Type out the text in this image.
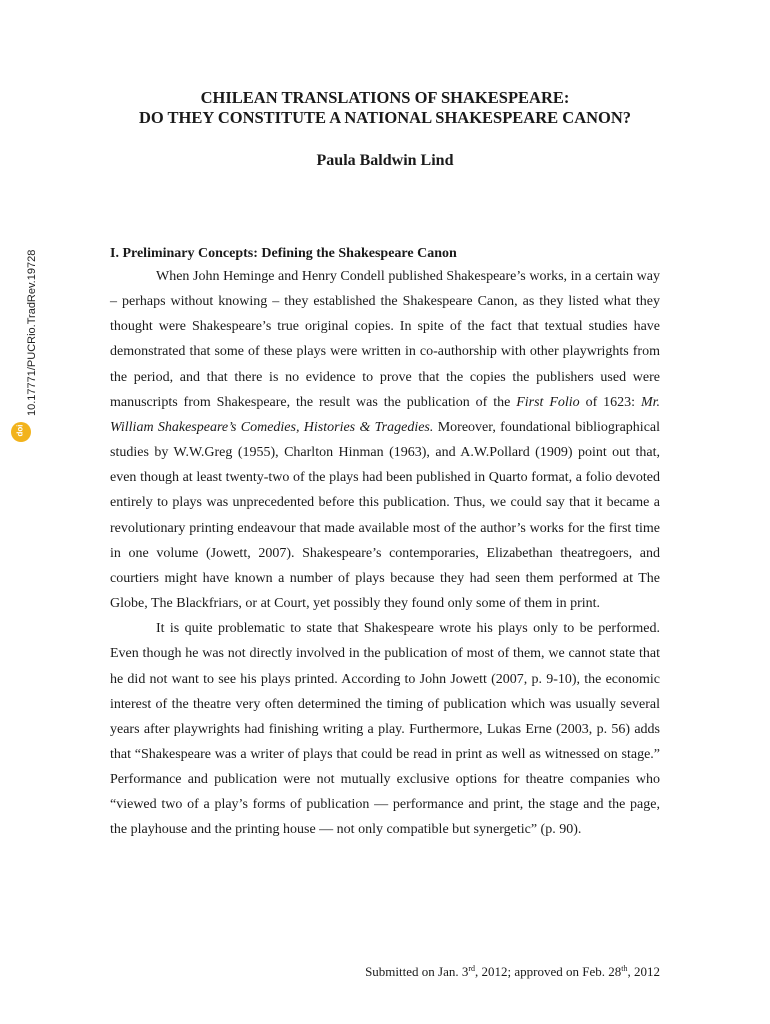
10.17771/PUCRio.TradRev.19728
doi
CHILEAN TRANSLATIONS OF SHAKESPEARE:
DO THEY CONSTITUTE A NATIONAL SHAKESPEARE CANON?
Paula Baldwin Lind
I. Preliminary Concepts: Defining the Shakespeare Canon

When John Heminge and Henry Condell published Shakespeare’s works, in a certain way – perhaps without knowing – they established the Shakespeare Canon, as they listed what they thought were Shakespeare’s true original copies. In spite of the fact that textual studies have demonstrated that some of these plays were written in co-authorship with other playwrights from the period, and that there is no evidence to prove that the copies the publishers used were manuscripts from Shakespeare, the result was the publication of the First Folio of 1623: Mr. William Shakespeare’s Comedies, Histories & Tragedies. Moreover, foundational bibliographical studies by W.W.Greg (1955), Charlton Hinman (1963), and A.W.Pollard (1909) point out that, even though at least twenty-two of the plays had been published in Quarto format, a folio devoted entirely to plays was unprecedented before this publication. Thus, we could say that it became a revolutionary printing endeavour that made available most of the author’s works for the first time in one volume (Jowett, 2007). Shakespeare’s contemporaries, Elizabethan theatregoers, and courtiers might have known a number of plays because they had seen them performed at The Globe, The Blackfriars, or at Court, yet possibly they found only some of them in print.

It is quite problematic to state that Shakespeare wrote his plays only to be performed. Even though he was not directly involved in the publication of most of them, we cannot state that he did not want to see his plays printed. According to John Jowett (2007, p. 9-10), the economic interest of the theatre very often determined the timing of publication which was usually several years after playwrights had finishing writing a play. Furthermore, Lukas Erne (2003, p. 56) adds that “Shakespeare was a writer of plays that could be read in print as well as witnessed on stage.” Performance and publication were not mutually exclusive options for theatre companies who “viewed two of a play’s forms of publication — performance and print, the stage and the page, the playhouse and the printing house — not only compatible but synergetic” (p. 90).

Submitted on Jan. 3rd, 2012; approved on Feb. 28th, 2012
